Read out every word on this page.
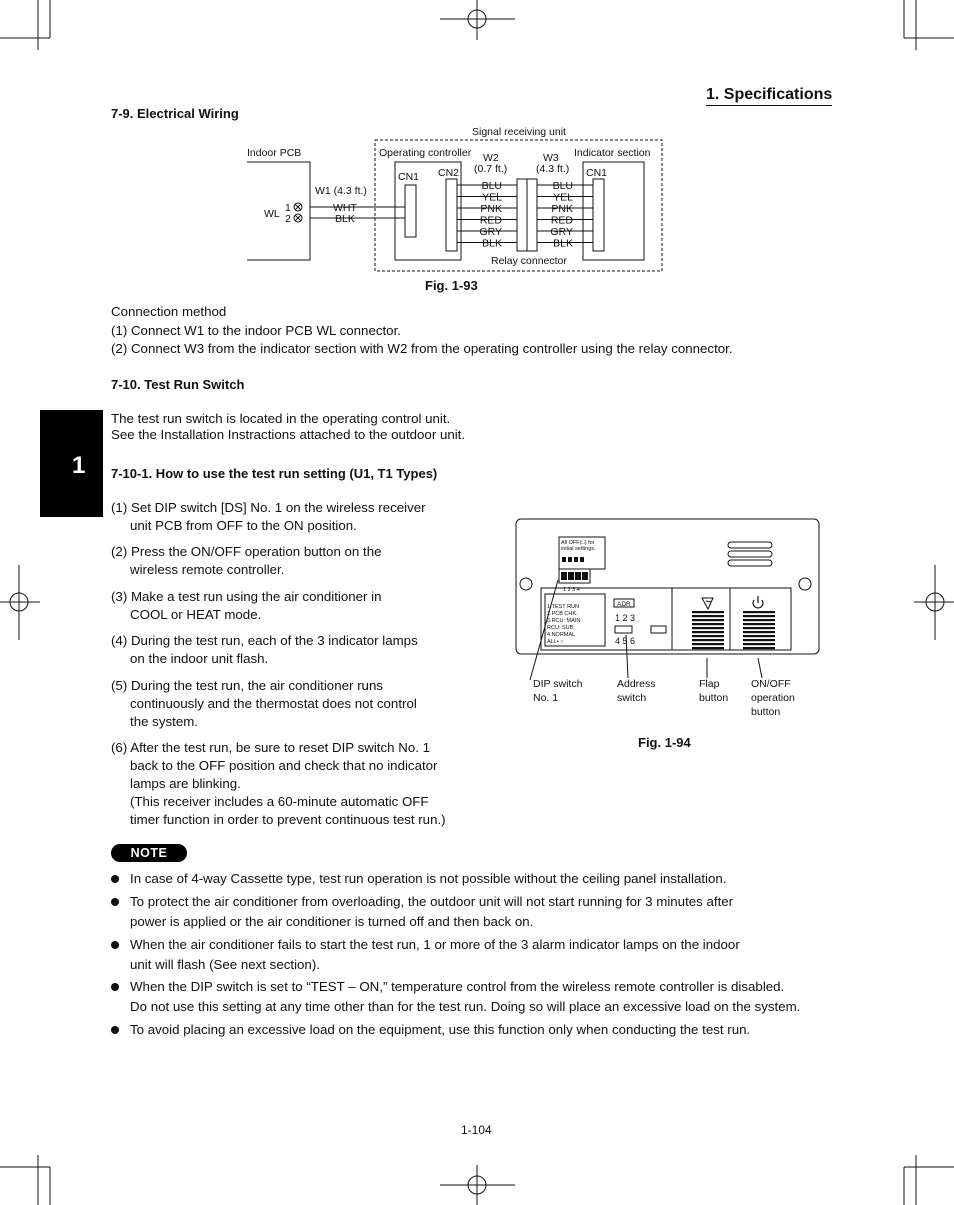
1. Specifications
1
7-9. Electrical Wiring
Signal receiving unit
Indoor PCB	Operating controller	Indicator section
W2
(0.7 ft.)
W3
(4.3 ft.)
CN1 CN2	CN1
W1 (4.3 ft.)
WL 1
2
WHT
BLK
BLU
YEL
PNK
RED
GRY
BLK
BLU
YEL
PNK
RED
GRY
BLK
Relay connector
Fig. 1-93
Connection method
(1) Connect W1 to the indoor PCB WL connector.
(2) Connect W3 from the indicator section with W2 from the operating controller using the relay connector.
7-10. Test Run Switch
The test run switch is located in the operating control unit.
See the Installation Instractions attached to the outdoor unit.
7-10-1. How to use the test run setting (U1, T1 Types)
(1) Set DIP switch [DS] No. 1 on the wireless receiver
unit PCB from OFF to the ON position.
(2) Press the ON/OFF operation button on the
wireless remote controller.
(3) Make a test run using the air conditioner in
COOL or HEAT mode.
(4) During the test run, each of the 3 indicator lamps
on the indoor unit flash.
(5) During the test run, the air conditioner runs
continuously and the thermostat does not control
the system.
(6) After the test run, be sure to reset DIP switch No. 1
back to the OFF position and check that no indicator
lamps are blinking.
(This receiver includes a 60-minute automatic OFF
timer function in order to prevent continuous test run.)
All OFF(□) for
initial settings.
1 2 3 4
1.TEST RUN
2.PCB CHK.
3.RCU: MAIN
RCU: SUB
4.NORMAL
ALL• ○
ADR
1 2 3
4 5 6
DIP switch
No. 1
Address
switch
Flap
button
ON/OFF
operation
button
Fig. 1-94
NOTE
In case of 4-way Cassette type, test run operation is not possible without the ceiling panel installation.
To protect the air conditioner from overloading, the outdoor unit will not start running for 3 minutes after
power is applied or the air conditioner is turned off and then back on.
When the air conditioner fails to start the test run, 1 or more of the 3 alarm indicator lamps on the indoor
unit will flash (See next section).
When the DIP switch is set to “TEST – ON,” temperature control from the wireless remote controller is disabled.
Do not use this setting at any time other than for the test run. Doing so will place an excessive load on the system.
To avoid placing an excessive load on the equipment, use this function only when conducting the test run.
1-104
